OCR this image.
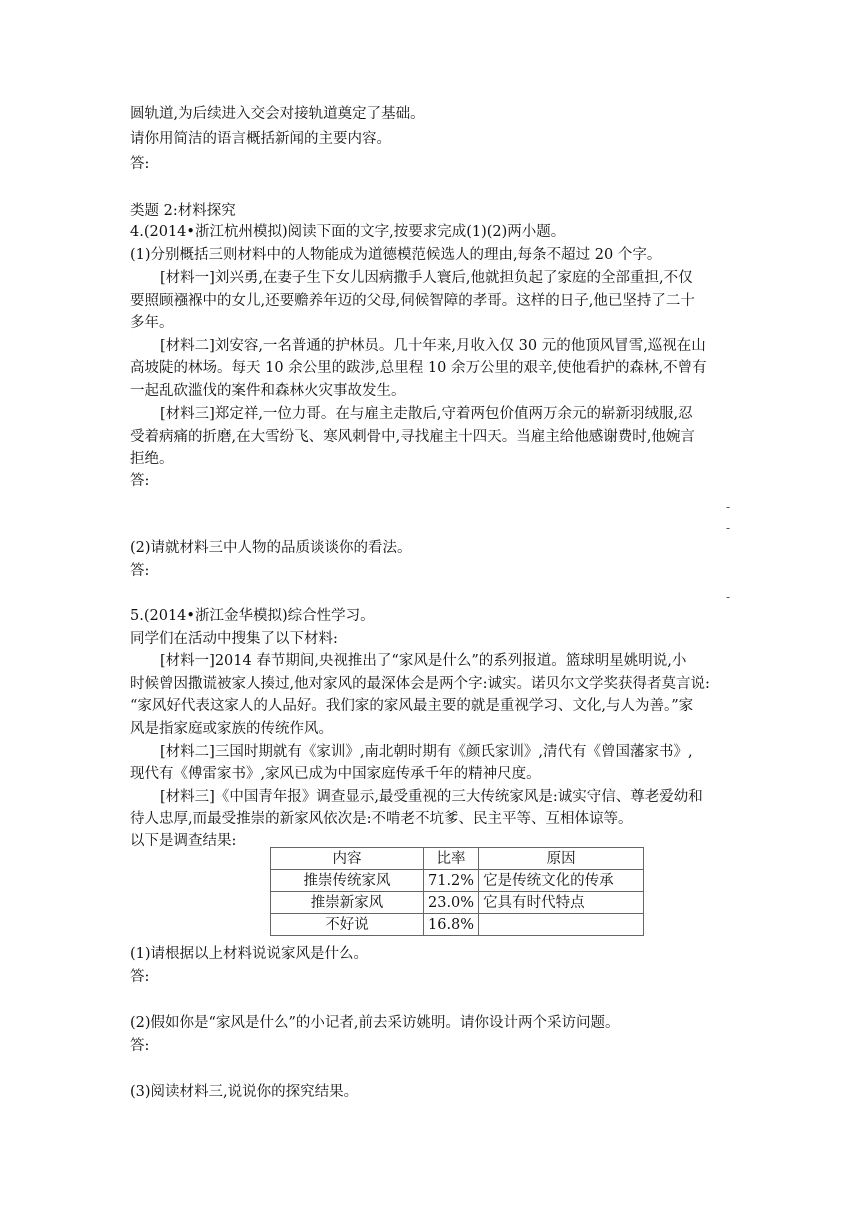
圆轨道,为后续进入交会对接轨道奠定了基础。
请你用简洁的语言概括新闻的主要内容。
答:
类题 2:材料探究
4.(2014•浙江杭州模拟)阅读下面的文字,按要求完成(1)(2)两小题。
(1)分别概括三则材料中的人物能成为道德模范候选人的理由,每条不超过 20 个字。
[材料一]刘兴勇,在妻子生下女儿因病撒手人寰后,他就担负起了家庭的全部重担,不仅
要照顾襁褓中的女儿,还要赡养年迈的父母,伺候智障的孝哥。这样的日子,他已坚持了二十
多年。
[材料二]刘安容,一名普通的护林员。几十年来,月收入仅 30 元的他顶风冒雪,巡视在山
高坡陡的林场。每天 10 余公里的跋涉,总里程 10 余万公里的艰辛,使他看护的森林,不曾有
一起乱砍滥伐的案件和森林火灾事故发生。
[材料三]郑定祥,一位力哥。在与雇主走散后,守着两包价值两万余元的崭新羽绒服,忍
受着病痛的折磨,在大雪纷飞、寒风刺骨中,寻找雇主十四天。当雇主给他感谢费时,他婉言
拒绝。
答:
-
-
(2)请就材料三中人物的品质谈谈你的看法。
答:
-
5.(2014•浙江金华模拟)综合性学习。
同学们在活动中搜集了以下材料:
[材料一]2014 春节期间,央视推出了“家风是什么”的系列报道。篮球明星姚明说,小
时候曾因撒谎被家人揍过,他对家风的最深体会是两个字:诚实。诺贝尔文学奖获得者莫言说:
“家风好代表这家人的人品好。我们家的家风最主要的就是重视学习、文化,与人为善。”家
风是指家庭或家族的传统作风。
[材料二]三国时期就有《家训》,南北朝时期有《颜氏家训》,清代有《曾国藩家书》,
现代有《傅雷家书》,家风已成为中国家庭传承千年的精神尺度。
[材料三]《中国青年报》调查显示,最受重视的三大传统家风是:诚实守信、尊老爱幼和
待人忠厚,而最受推崇的新家风依次是:不啃老不坑爹、民主平等、互相体谅等。
以下是调查结果:
内容	比率	原因
推崇传统家风	71.2%	它是传统文化的传承
推崇新家风	23.0%	它具有时代特点
不好说	16.8%	
(1)请根据以上材料说说家风是什么。
答:
(2)假如你是“家风是什么”的小记者,前去采访姚明。请你设计两个采访问题。
答:
(3)阅读材料三,说说你的探究结果。
